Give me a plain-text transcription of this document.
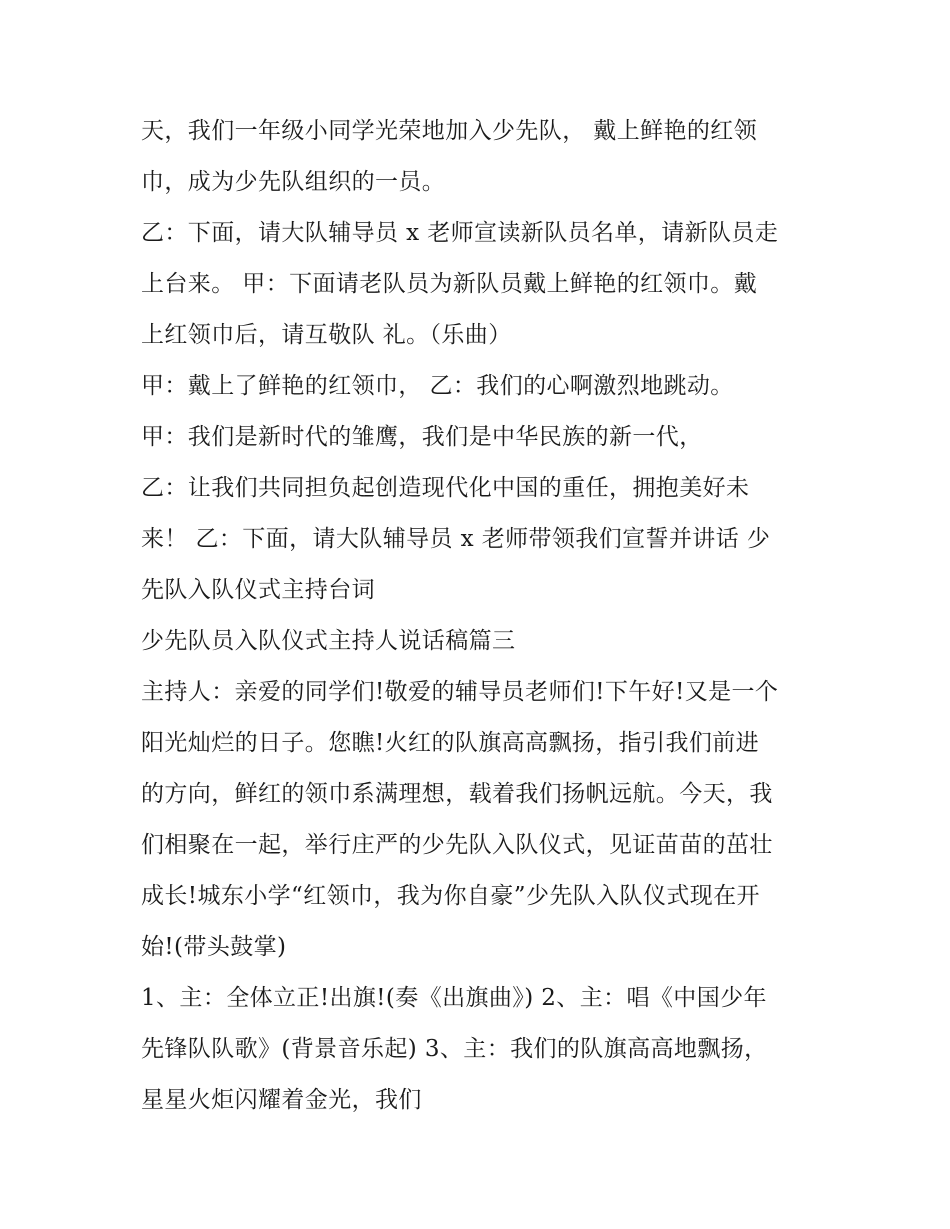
天，我们一年级小同学光荣地加入少先队， 戴上鲜艳的红领
巾，成为少先队组织的一员。
乙：下面，请大队辅导员 x 老师宣读新队员名单，请新队员走
上台来。 甲：下面请老队员为新队员戴上鲜艳的红领巾。戴
上红领巾后，请互敬队 礼。（乐曲）
甲：戴上了鲜艳的红领巾， 乙：我们的心啊激烈地跳动。
甲：我们是新时代的雏鹰，我们是中华民族的新一代，
乙：让我们共同担负起创造现代化中国的重任，拥抱美好未
来！ 乙：下面，请大队辅导员 x 老师带领我们宣誓并讲话 少
先队入队仪式主持台词
少先队员入队仪式主持人说话稿篇三
主持人：亲爱的同学们!敬爱的辅导员老师们!下午好!又是一个
阳光灿烂的日子。您瞧!火红的队旗高高飘扬，指引我们前进
的方向，鲜红的领巾系满理想，载着我们扬帆远航。今天，我
们相聚在一起，举行庄严的少先队入队仪式，见证苗苗的茁壮
成长!城东小学“红领巾，我为你自豪”少先队入队仪式现在开
始!(带头鼓掌)
1、主：全体立正!出旗!(奏《出旗曲》) 2、主：唱《中国少年
先锋队队歌》(背景音乐起) 3、主：我们的队旗高高地飘扬，
星星火炬闪耀着金光，我们
